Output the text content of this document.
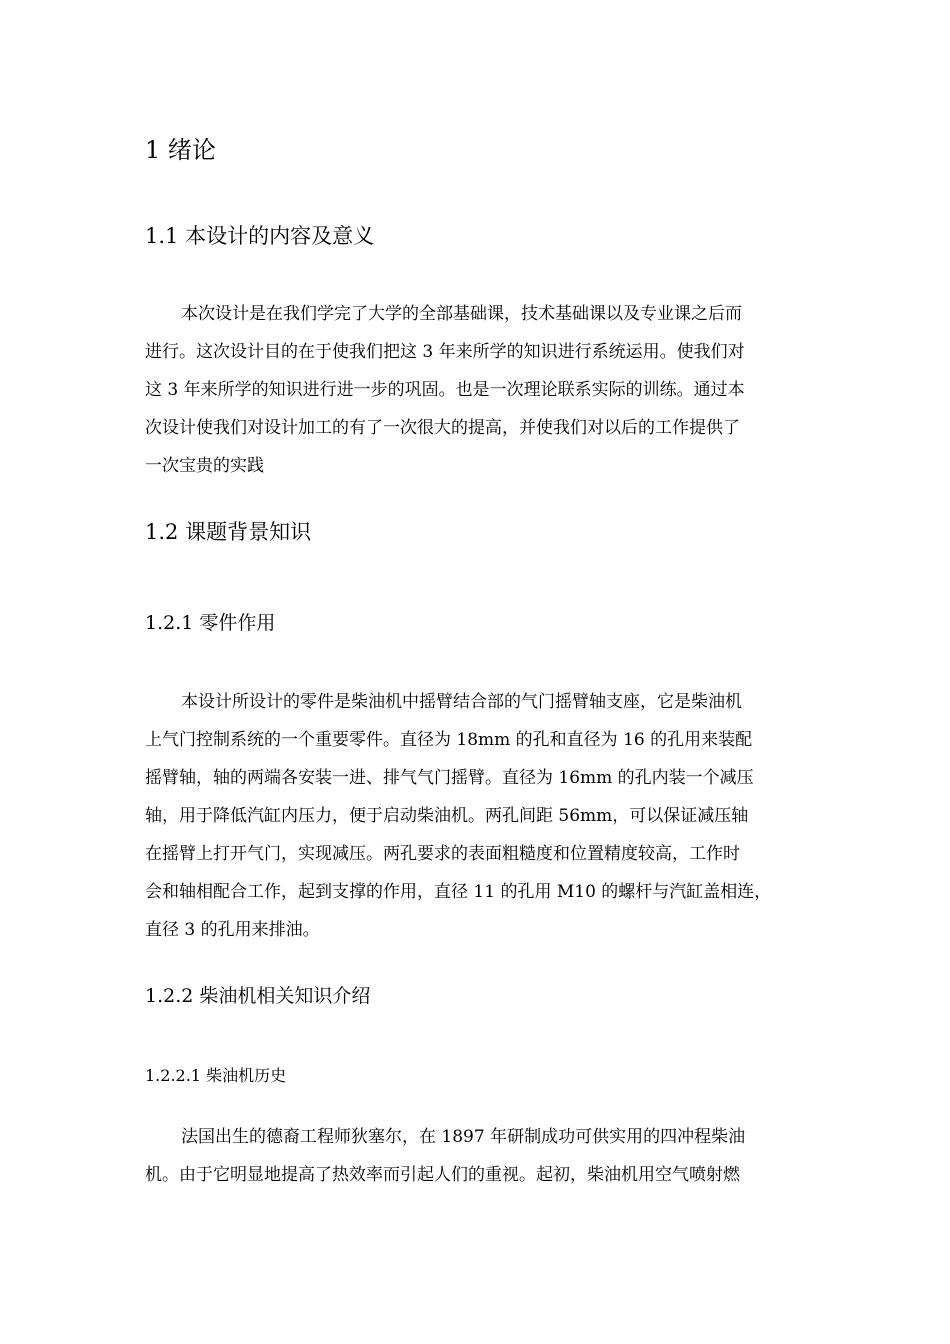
1 绪论
1.1 本设计的内容及意义
本次设计是在我们学完了大学的全部基础课，技术基础课以及专业课之后而
进行。这次设计目的在于使我们把这 3 年来所学的知识进行系统运用。使我们对
这 3 年来所学的知识进行进一步的巩固。也是一次理论联系实际的训练。通过本
次设计使我们对设计加工的有了一次很大的提高，并使我们对以后的工作提供了
一次宝贵的实践
1.2 课题背景知识
1.2.1 零件作用
本设计所设计的零件是柴油机中摇臂结合部的气门摇臂轴支座，它是柴油机
上气门控制系统的一个重要零件。直径为 18mm 的孔和直径为 16 的孔用来装配
摇臂轴，轴的两端各安装一进、排气气门摇臂。直径为 16mm 的孔内装一个减压
轴，用于降低汽缸内压力，便于启动柴油机。两孔间距 56mm，可以保证减压轴
在摇臂上打开气门，实现减压。两孔要求的表面粗糙度和位置精度较高，工作时
会和轴相配合工作，起到支撑的作用，直径 11 的孔用 M10 的螺杆与汽缸盖相连，
直径 3 的孔用来排油。
1.2.2 柴油机相关知识介绍
1.2.2.1 柴油机历史
法国出生的德裔工程师狄塞尔，在 1897 年研制成功可供实用的四冲程柴油
机。由于它明显地提高了热效率而引起人们的重视。起初，柴油机用空气喷射燃
